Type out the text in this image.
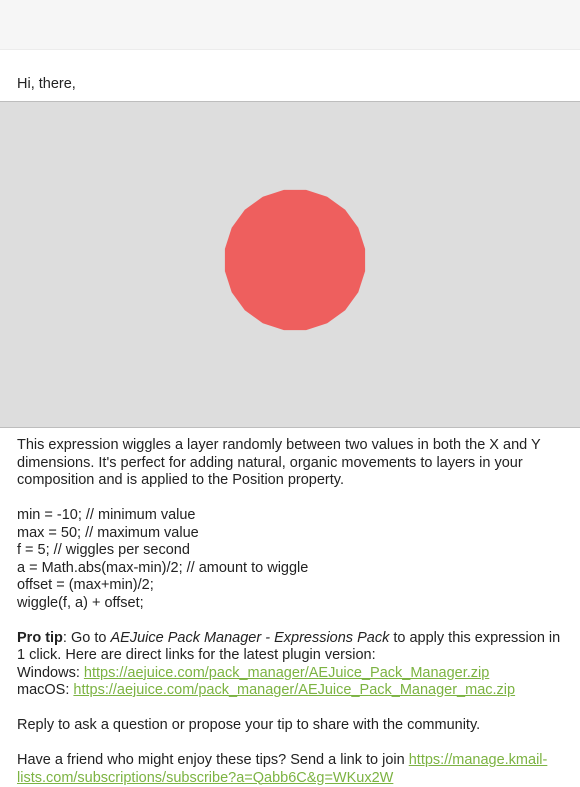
Hi, there,

This expression wiggles a layer randomly between two values in both the X and Y dimensions. It's perfect for adding natural, organic movements to layers in your composition and is applied to the Position property.

min = -10; // minimum value

max = 50; // maximum value

f = 5; // wiggles per second

a = Math.abs(max-min)/2; // amount to wiggle

offset = (max+min)/2;

wiggle(f, a) + offset;

Pro tip: Go to AEJuice Pack Manager - Expressions Pack to apply this expression in 1 click. Here are direct links for the latest plugin version:

Windows: https://aejuice.com/pack_manager/AEJuice_Pack_Manager.zip

macOS: https://aejuice.com/pack_manager/AEJuice_Pack_Manager_mac.zip

Reply to ask a question or propose your tip to share with the community.

Have a friend who might enjoy these tips? Send a link to join https://manage.kmail-lists.com/subscriptions/subscribe?a=Qabb6C&g=WKux2W
